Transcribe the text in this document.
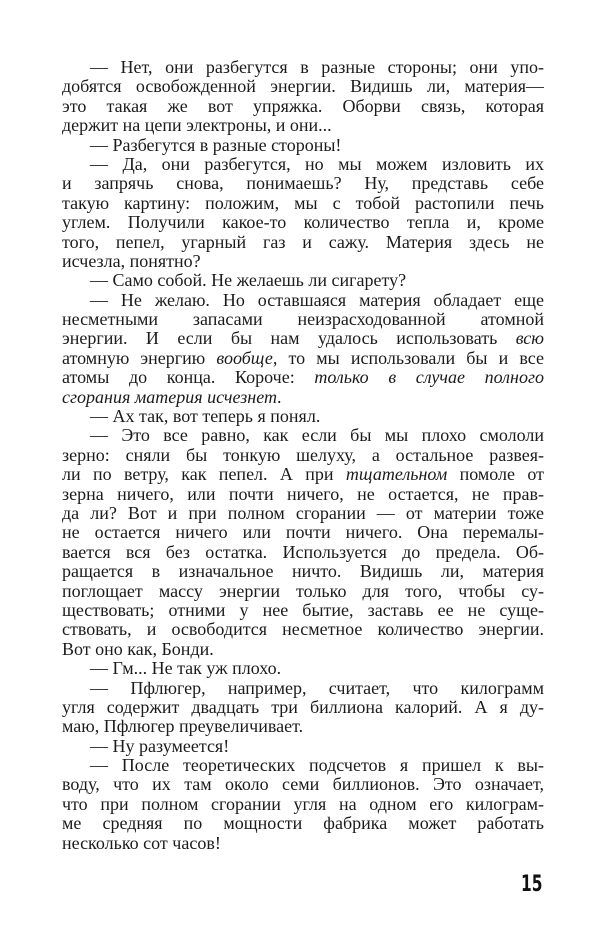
— Нет, они разбегутся в разные стороны; они упо-
добятся освобожденной энергии. Видишь ли, материя—
это такая же вот упряжка. Оборви связь, которая
держит на цепи электроны, и они...
— Разбегутся в разные стороны!
— Да, они разбегутся, но мы можем изловить их
и запрячь снова, понимаешь? Ну, представь себе
такую картину: положим, мы с тобой растопили печь
углем. Получили какое-то количество тепла и, кроме
того, пепел, угарный газ и сажу. Материя здесь не
исчезла, понятно?
— Само собой. Не желаешь ли сигарету?
— Не желаю. Но оставшаяся материя обладает еще
несметными запасами неизрасходованной атомной
энергии. И если бы нам удалось использовать всю
атомную энергию вообще, то мы использовали бы и все
атомы до конца. Короче: только в случае полного
сгорания материя исчезнет.
— Ах так, вот теперь я понял.
— Это все равно, как если бы мы плохо смололи
зерно: сняли бы тонкую шелуху, а остальное развея-
ли по ветру, как пепел. А при тщательном помоле от
зерна ничего, или почти ничего, не остается, не прав-
да ли? Вот и при полном сгорании — от материи тоже
не остается ничего или почти ничего. Она перемалы-
вается вся без остатка. Используется до предела. Об-
ращается в изначальное ничто. Видишь ли, материя
поглощает массу энергии только для того, чтобы су-
ществовать; отними у нее бытие, заставь ее не суще-
ствовать, и освободится несметное количество энергии.
Вот оно как, Бонди.
— Гм... Не так уж плохо.
— Пфлюгер, например, считает, что килограмм
угля содержит двадцать три биллиона калорий. А я ду-
маю, Пфлюгер преувеличивает.
— Ну разумеется!
— После теоретических подсчетов я пришел к вы-
воду, что их там около семи биллионов. Это означает,
что при полном сгорании угля на одном его килограм-
ме средняя по мощности фабрика может работать
несколько сот часов!
15
